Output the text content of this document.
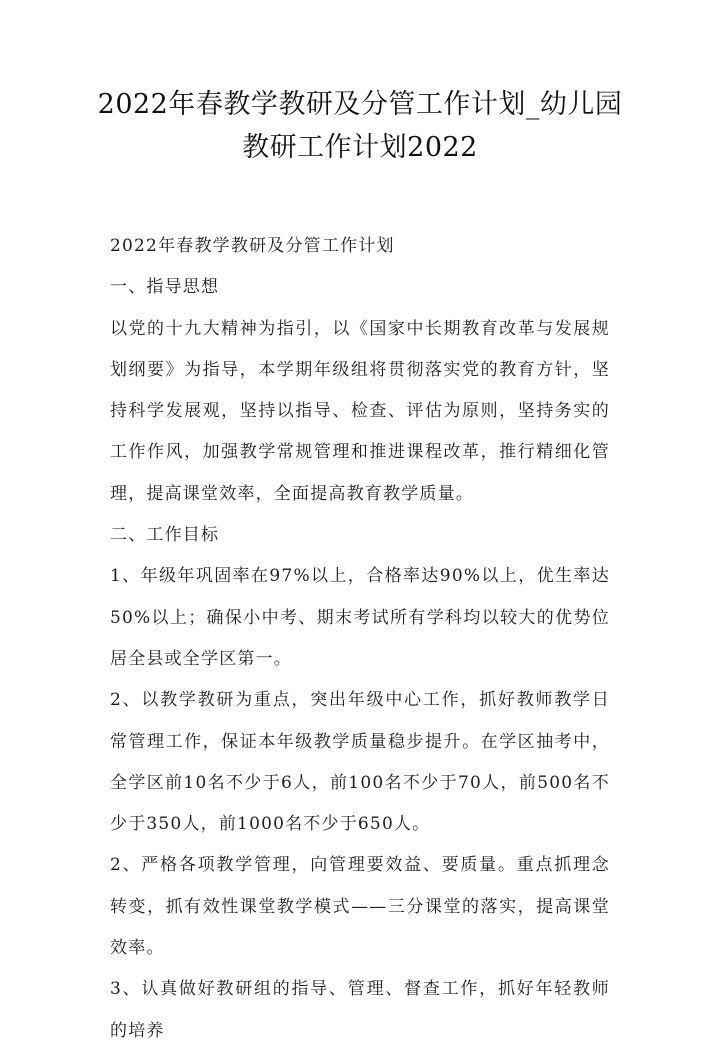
2022年春教学教研及分管工作计划_幼儿园
教研工作计划2022

2022年春教学教研及分管工作计划

一、指导思想

以党的十九大精神为指引，以《国家中长期教育改革与发展规划纲要》为指导，本学期年级组将贯彻落实党的教育方针，坚持科学发展观，坚持以指导、检查、评估为原则，坚持务实的工作作风，加强教学常规管理和推进课程改革，推行精细化管理，提高课堂效率，全面提高教育教学质量。

二、工作目标

1、年级年巩固率在97%以上，合格率达90%以上，优生率达50%以上；确保小中考、期末考试所有学科均以较大的优势位居全县或全学区第一。

2、以教学教研为重点，突出年级中心工作，抓好教师教学日常管理工作，保证本年级教学质量稳步提升。在学区抽考中，全学区前10名不少于6人，前100名不少于70人，前500名不少于350人，前1000名不少于650人。

2、严格各项教学管理，向管理要效益、要质量。重点抓理念转变，抓有效性课堂教学模式——三分课堂的落实，提高课堂效率。

3、认真做好教研组的指导、管理、督查工作，抓好年轻教师的培养
